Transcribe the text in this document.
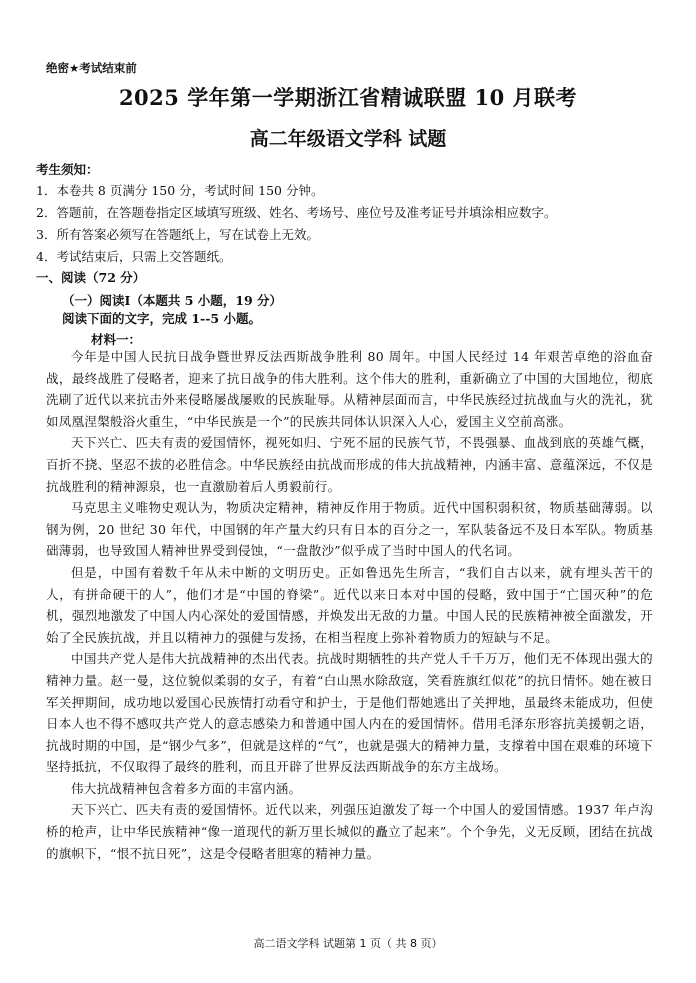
绝密★考试结束前
2025 学年第一学期浙江省精诚联盟 10 月联考
高二年级语文学科 试题
考生须知：
1．本卷共 8 页满分 150 分，考试时间 150 分钟。
2．答题前，在答题卷指定区域填写班级、姓名、考场号、座位号及准考证号并填涂相应数字。
3．所有答案必须写在答题纸上，写在试卷上无效。
4．考试结束后，只需上交答题纸。
一、阅读（72 分）
（一）阅读Ⅰ（本题共 5 小题，19 分）
阅读下面的文字，完成 1--5 小题。
材料一：

今年是中国人民抗日战争暨世界反法西斯战争胜利 80 周年。中国人民经过 14 年艰苦卓绝的浴血奋战，最终战胜了侵略者，迎来了抗日战争的伟大胜利。这个伟大的胜利，重新确立了中国的大国地位，彻底洗刷了近代以来抗击外来侵略屡战屡败的民族耻辱。从精神层面而言，中华民族经过抗战血与火的洗礼，犹如凤凰涅槃般浴火重生，“中华民族是一个”的民族共同体认识深入人心，爱国主义空前高涨。

天下兴亡、匹夫有责的爱国情怀，视死如归、宁死不屈的民族气节，不畏强暴、血战到底的英雄气概，百折不挠、坚忍不拔的必胜信念。中华民族经由抗战而形成的伟大抗战精神，内涵丰富、意蕴深远，不仅是抗战胜利的精神源泉，也一直激励着后人勇毅前行。

马克思主义唯物史观认为，物质决定精神，精神反作用于物质。近代中国积弱积贫，物质基础薄弱。以钢为例，20 世纪 30 年代，中国钢的年产量大约只有日本的百分之一，军队装备远不及日本军队。物质基础薄弱，也导致国人精神世界受到侵蚀，“一盘散沙”似乎成了当时中国人的代名词。

但是，中国有着数千年从未中断的文明历史。正如鲁迅先生所言，“我们自古以来，就有埋头苦干的人，有拼命硬干的人”，他们才是“中国的脊梁”。近代以来日本对中国的侵略，致中国于“亡国灭种”的危机，强烈地激发了中国人内心深处的爱国情感，并焕发出无敌的力量。中国人民的民族精神被全面激发，开始了全民族抗战，并且以精神力的强健与发扬，在相当程度上弥补着物质力的短缺与不足。

中国共产党人是伟大抗战精神的杰出代表。抗战时期牺牲的共产党人千千万万，他们无不体现出强大的精神力量。赵一曼，这位貌似柔弱的女子，有着“白山黑水除敌寇，笑看旌旗红似花”的抗日情怀。她在被日军关押期间，成功地以爱国心民族情打动看守和护士，于是他们帮她逃出了关押地，虽最终未能成功，但使日本人也不得不感叹共产党人的意志感染力和普通中国人内在的爱国情怀。借用毛泽东形容抗美援朝之语，抗战时期的中国，是“钢少气多”，但就是这样的“气”，也就是强大的精神力量，支撑着中国在艰难的环境下坚持抵抗，不仅取得了最终的胜利，而且开辟了世界反法西斯战争的东方主战场。

伟大抗战精神包含着多方面的丰富内涵。

天下兴亡、匹夫有责的爱国情怀。近代以来，列强压迫激发了每一个中国人的爱国情感。1937 年卢沟桥的枪声，让中华民族精神“像一道现代的新万里长城似的矗立了起来”。个个争先，义无反顾，团结在抗战的旗帜下，“恨不抗日死”，这是令侵略者胆寒的精神力量。

高二语文学科 试题第 1 页（ 共 8 页）
